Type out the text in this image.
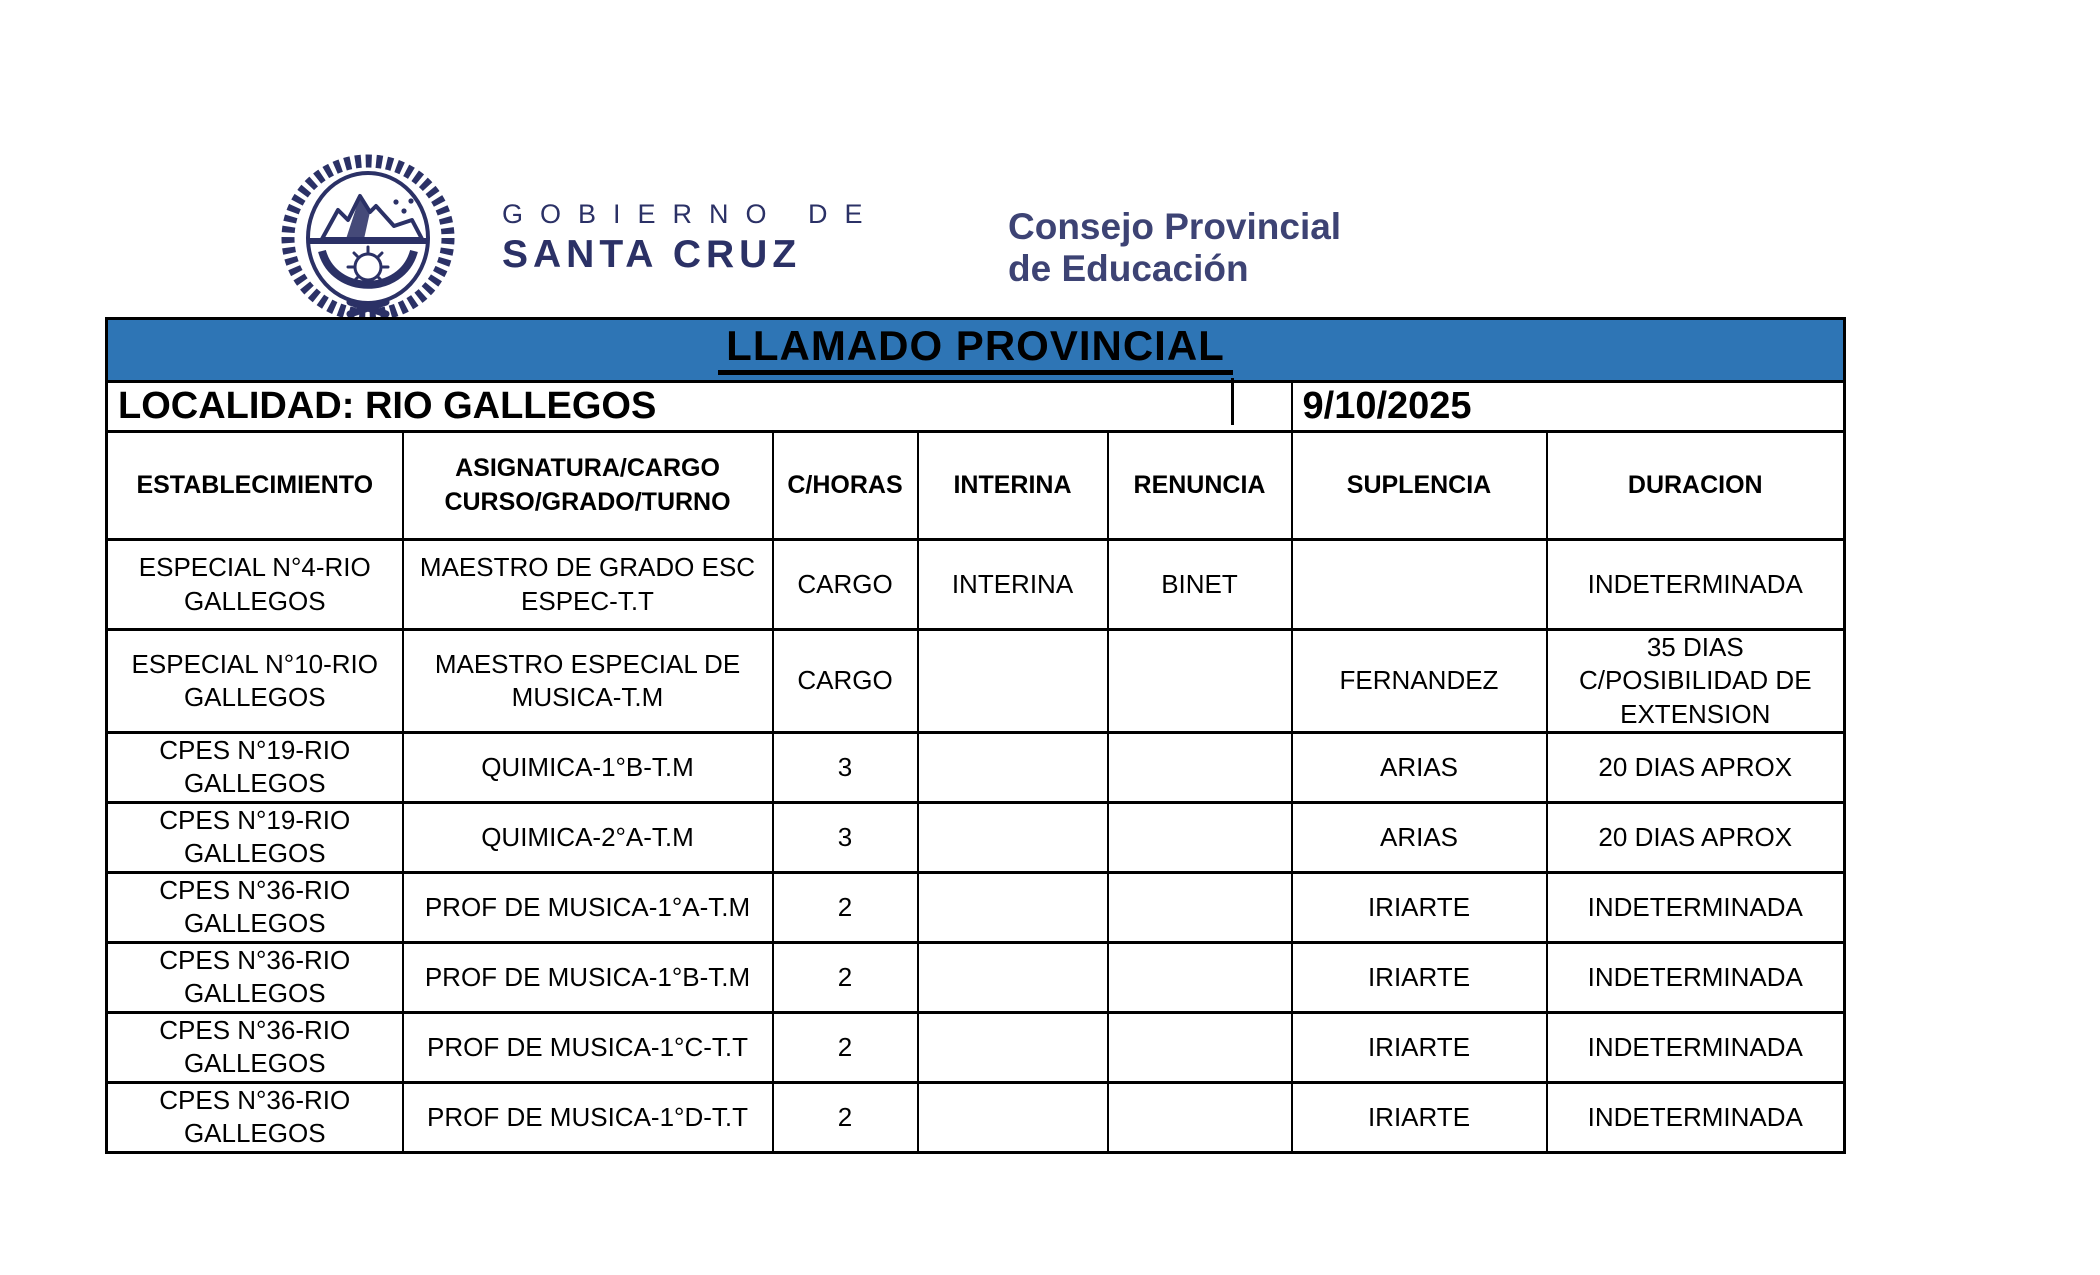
GOBIERNO DE
SANTA CRUZ
Consejo Provincial
de Educación
LLAMADO PROVINCIAL						
LOCALIDAD: RIO GALLEGOS					9/10/2025	
ESTABLECIMIENTO	ASIGNATURA/CARGO CURSO/GRADO/TURNO	C/HORAS	INTERINA	RENUNCIA	SUPLENCIA	DURACION
ESPECIAL N°4-RIO GALLEGOS	MAESTRO DE GRADO ESC ESPEC-T.T	CARGO	INTERINA	BINET		INDETERMINADA
ESPECIAL N°10-RIO GALLEGOS	MAESTRO ESPECIAL DE MUSICA-T.M	CARGO			FERNANDEZ	35 DIAS C/POSIBILIDAD DE EXTENSION
CPES N°19-RIO GALLEGOS	QUIMICA-1°B-T.M	3			ARIAS	20 DIAS APROX
CPES N°19-RIO GALLEGOS	QUIMICA-2°A-T.M	3			ARIAS	20 DIAS APROX
CPES N°36-RIO GALLEGOS	PROF DE MUSICA-1°A-T.M	2			IRIARTE	INDETERMINADA
CPES N°36-RIO GALLEGOS	PROF DE MUSICA-1°B-T.M	2			IRIARTE	INDETERMINADA
CPES N°36-RIO GALLEGOS	PROF DE MUSICA-1°C-T.T	2			IRIARTE	INDETERMINADA
CPES N°36-RIO GALLEGOS	PROF DE MUSICA-1°D-T.T	2			IRIARTE	INDETERMINADA
